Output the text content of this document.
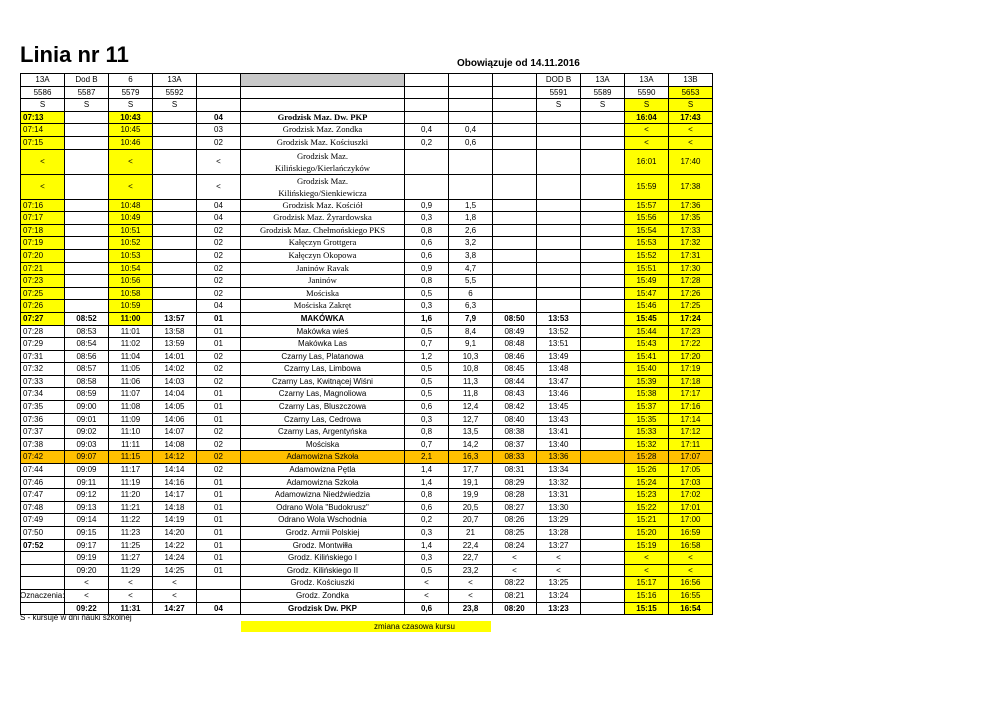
Linia nr 11	Obowiązuje od 14.11.2016
13A	Dod B	6	13A						DOD B	13A	13A	13B
5586	5587	5579	5592						5591	5589	5590	5653
S	S	S	S						S	S	S	S
07:13		10:43		04	Grodzisk Maz. Dw. PKP						16:04	17:43
07:14		10:45		03	Grodzisk Maz. Zondka	0,4	0,4				<	<
07:15		10:46		02	Grodzisk Maz. Kościuszki	0,2	0,6				<	<
<		<		<	Grodzisk Maz.
Kilińskiego/Kierlańczyków						16:01	17:40
<		<		<	Grodzisk Maz.
Kilińskiego/Sienkiewicza						15:59	17:38
07:16		10:48		04	Grodzisk Maz. Kościół	0,9	1,5				15:57	17:36
07:17		10:49		04	Grodzisk Maz. Żyrardowska	0,3	1,8				15:56	17:35
07:18		10:51		02	Grodzisk Maz. Chełmońskiego PKS	0,8	2,6				15:54	17:33
07:19		10:52		02	Kałęczyn Grottgera	0,6	3,2				15:53	17:32
07:20		10:53		02	Kałęczyn Okopowa	0,6	3,8				15:52	17:31
07:21		10:54		02	Janinów Ravak	0,9	4,7				15:51	17:30
07:23		10:56		02	Janinów	0,8	5,5				15:49	17:28
07:25		10:58		02	Mościska	0,5	6				15:47	17:26
07:26		10:59		04	Mościska Zakręt	0,3	6,3				15:46	17:25
07:27	08:52	11:00	13:57	01	MAKÓWKA	1,6	7,9	08:50	13:53		15:45	17:24
07:28	08:53	11:01	13:58	01	Makówka wieś	0,5	8,4	08:49	13:52		15:44	17:23
07:29	08:54	11:02	13:59	01	Makówka Las	0,7	9,1	08:48	13:51		15:43	17:22
07:31	08:56	11:04	14:01	02	Czarny Las, Platanowa	1,2	10,3	08:46	13:49		15:41	17:20
07:32	08:57	11:05	14:02	02	Czarny Las, Limbowa	0,5	10,8	08:45	13:48		15:40	17:19
07:33	08:58	11:06	14:03	02	Czarny Las, Kwitnącej Wiśni	0,5	11,3	08:44	13:47		15:39	17:18
07:34	08:59	11:07	14:04	01	Czarny Las, Magnoliowa	0,5	11,8	08:43	13:46		15:38	17:17
07:35	09:00	11:08	14:05	01	Czarny Las, Bluszczowa	0,6	12,4	08:42	13:45		15:37	17:16
07:36	09:01	11:09	14:06	01	Czarny Las, Cedrowa	0,3	12,7	08:40	13:43		15:35	17:14
07:37	09:02	11:10	14:07	02	Czarny Las, Argentyńska	0,8	13,5	08:38	13:41		15:33	17:12
07:38	09:03	11:11	14:08	02	Mościska	0,7	14,2	08:37	13:40		15:32	17:11
07:42	09:07	11:15	14:12	02	Adamowizna Szkoła	2,1	16,3	08:33	13:36		15:28	17:07
07:44	09:09	11:17	14:14	02	Adamowizna Pętla	1,4	17,7	08:31	13:34		15:26	17:05
07:46	09:11	11:19	14:16	01	Adamowizna Szkoła	1,4	19,1	08:29	13:32		15:24	17:03
07:47	09:12	11:20	14:17	01	Adamowizna Niedźwiedzia	0,8	19,9	08:28	13:31		15:23	17:02
07:48	09:13	11:21	14:18	01	Odrano Wola "Budokrusz"	0,6	20,5	08:27	13:30		15:22	17:01
07:49	09:14	11:22	14:19	01	Odrano Wola Wschodnia	0,2	20,7	08:26	13:29		15:21	17:00
07:50	09:15	11:23	14:20	01	Grodz. Armii Polskiej	0,3	21	08:25	13:28		15:20	16:59
07:52	09:17	11:25	14:22	01	Grodz. Montwiłła	1,4	22,4	08:24	13:27		15:19	16:58
	09:19	11:27	14:24	01	Grodz. Kilińskiego I	0,3	22,7	<	<		<	<
	09:20	11:29	14:25	01	Grodz. Kilińskiego II	0,5	23,2	<	<		<	<
	<	<	<		Grodz. Kościuszki	<	<	08:22	13:25		15:17	16:56
	<	<	<		Grodz. Zondka	<	<	08:21	13:24		15:16	16:55
	09:22	11:31	14:27	04	Grodzisk Dw. PKP	0,6	23,8	08:20	13:23		15:15	16:54
Oznaczenia:
S - kursuje w dni nauki szkolnej
zmiana czasowa kursu
